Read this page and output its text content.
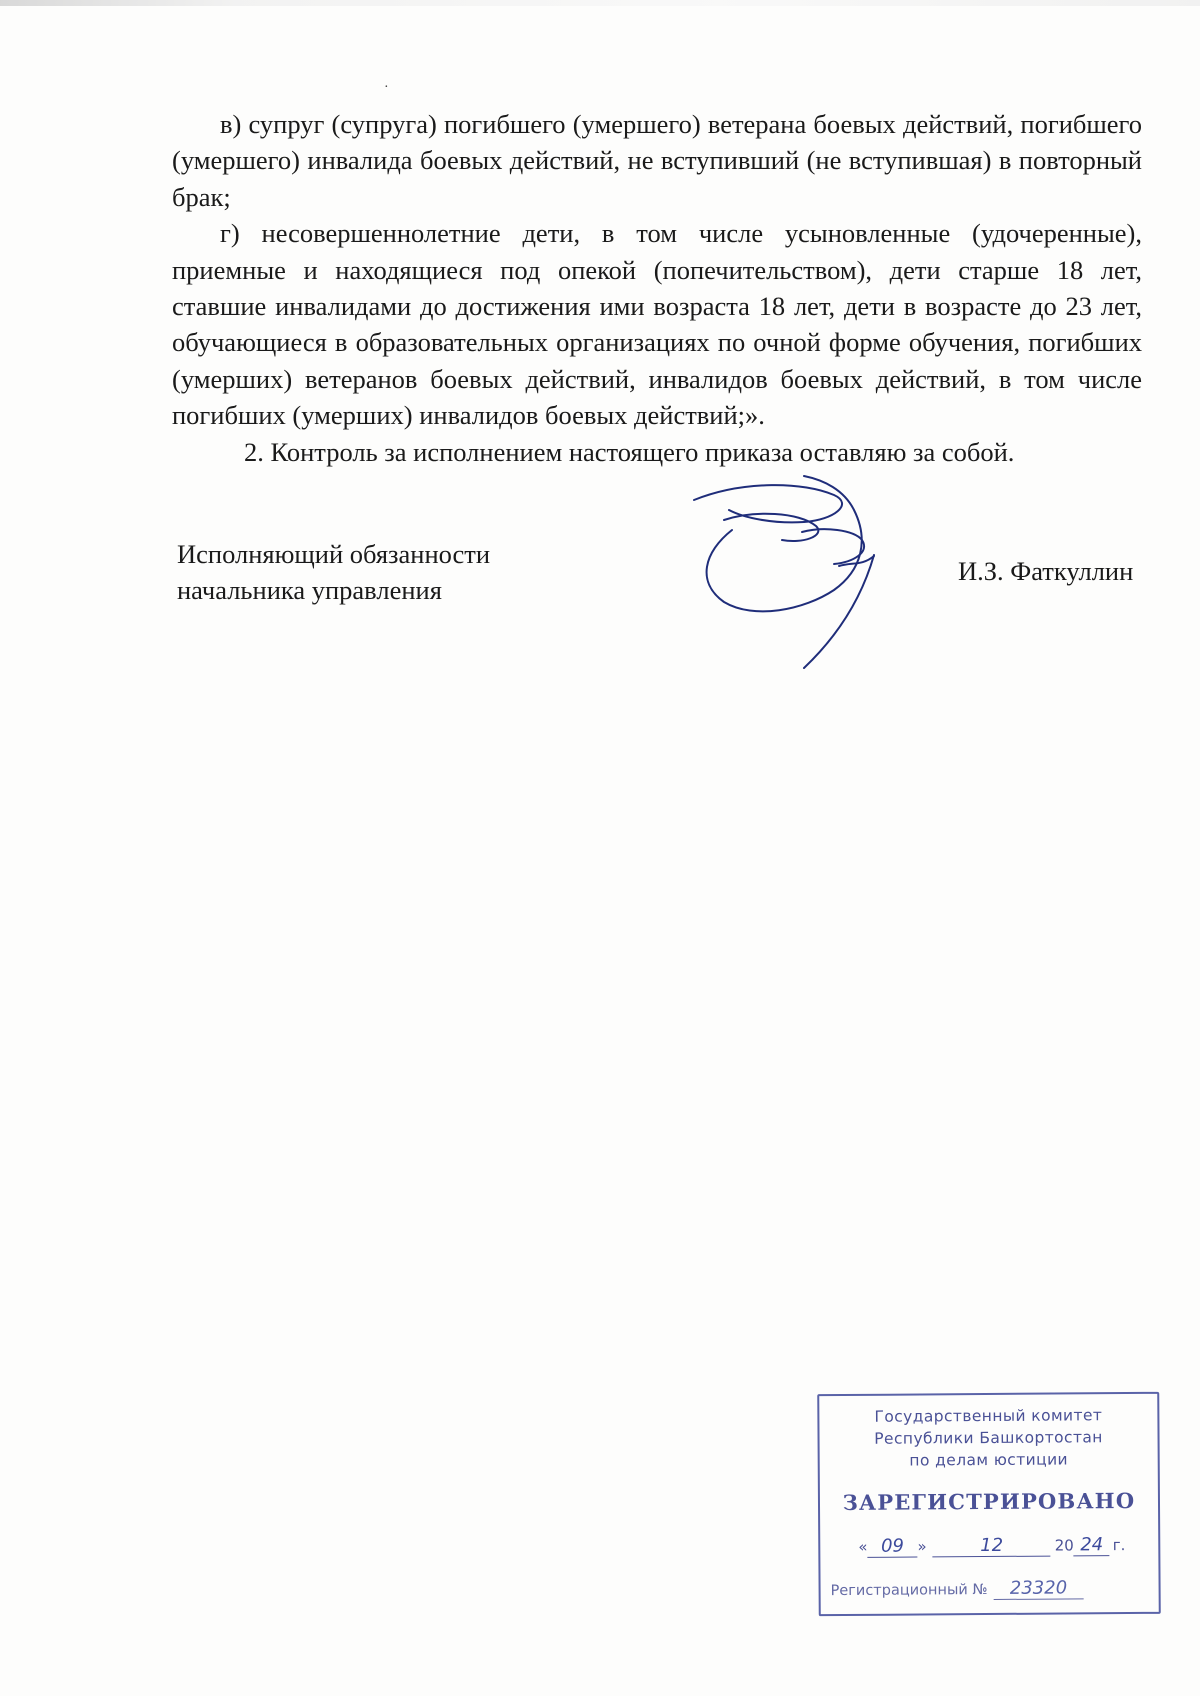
·

в) супруг (супруга) погибшего (умершего) ветерана боевых действий, погибшего (умершего) инвалида боевых действий, не вступивший (не вступившая) в повторный брак;

г) несовершеннолетние дети, в том числе усыновленные (удочеренные), приемные и находящиеся под опекой (попечительством), дети старше 18 лет, ставшие инвалидами до достижения ими возраста 18 лет, дети в возрасте до 23 лет, обучающиеся в образовательных организациях по очной форме обучения, погибших (умерших) ветеранов боевых действий, инвалидов боевых действий, в том числе погибших (умерших) инвалидов боевых действий;».

2. Контроль за исполнением настоящего приказа оставляю за собой.

Исполняющий обязанности
начальника управления
И.З. Фаткуллин
Государственный комитет
Республики Башкортостан
по делам юстиции
ЗАРЕГИСТРИРОВАНО
« 09 »	12	20 24 г.
Регистрационный № 23320
